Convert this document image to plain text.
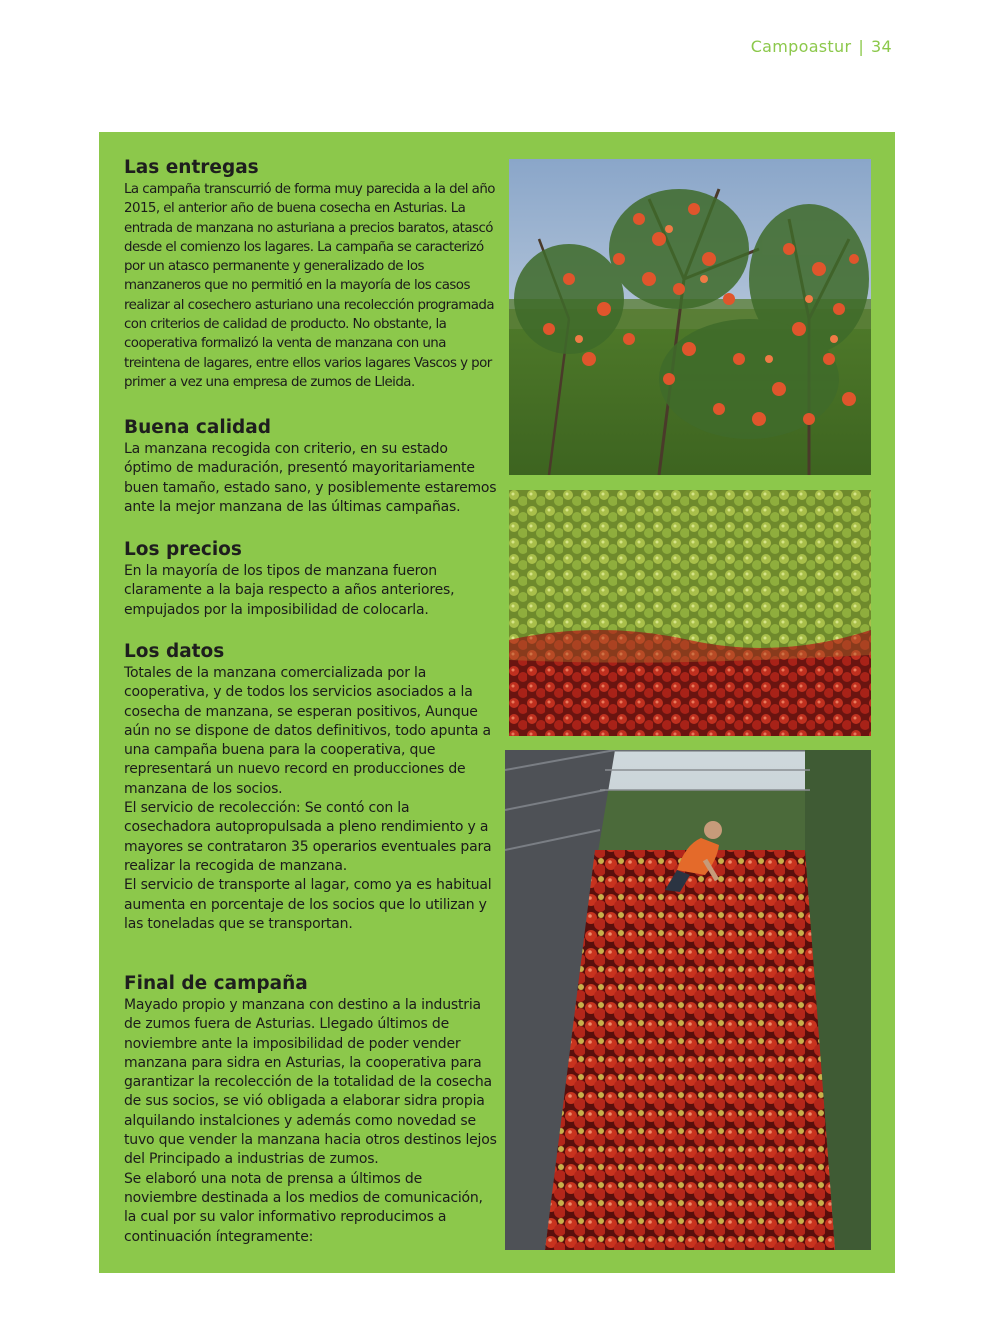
Campoastur | 34
Las entregas

La campaña transcurrió de forma muy parecida a la del año 2015, el anterior año de buena cosecha en Asturias. La entrada de manzana no asturiana a precios baratos, atascó desde el comienzo los lagares. La campaña se caracterizó por un atasco permanente y generalizado de los manzaneros que no permitió en la mayoría de los casos realizar al cosechero asturiano una recolección programada con criterios de calidad de producto. No obstante, la cooperativa formalizó la venta de manzana con una treintena de lagares, entre ellos varios lagares Vascos y por primer a vez una empresa de zumos de Lleida.

Buena calidad

La manzana recogida con criterio, en su estado óptimo de maduración, presentó mayoritariamente buen tamaño, estado sano, y posiblemente estaremos ante la mejor manzana de las últimas campañas.

Los precios

En la mayoría de los tipos de manzana fueron claramente a la baja respecto a años anteriores, empujados por la imposibilidad de colocarla.

Los datos

Totales de la manzana comercializada por la cooperativa, y de todos los servicios asociados a la cosecha de manzana, se esperan positivos, Aunque aún no se dispone de datos definitivos, todo apunta a una campaña buena para la cooperativa, que representará un nuevo record en producciones de manzana de los socios.

El servicio de recolección: Se contó con la cosechadora autopropulsada a pleno rendimiento y a mayores se contrataron 35 operarios eventuales para realizar la recogida de manzana.

El servicio de transporte al lagar, como ya es habitual aumenta en porcentaje de los socios que lo utilizan y las toneladas que se transportan.

Final de campaña

Mayado propio y manzana con destino a la industria de zumos fuera de Asturias. Llegado últimos de noviembre ante la imposibilidad de poder vender manzana para sidra en Asturias, la cooperativa para garantizar la recolección de la totalidad de la cosecha de sus socios, se vió obligada a elaborar sidra propia alquilando instalciones y además como novedad se tuvo que vender la manzana hacia otros destinos lejos del Principado a industrias de zumos.

Se elaboró una nota de prensa a últimos de noviembre destinada a los medios de comunicación, la cual por su valor informativo reproducimos a continuación íntegramente:
